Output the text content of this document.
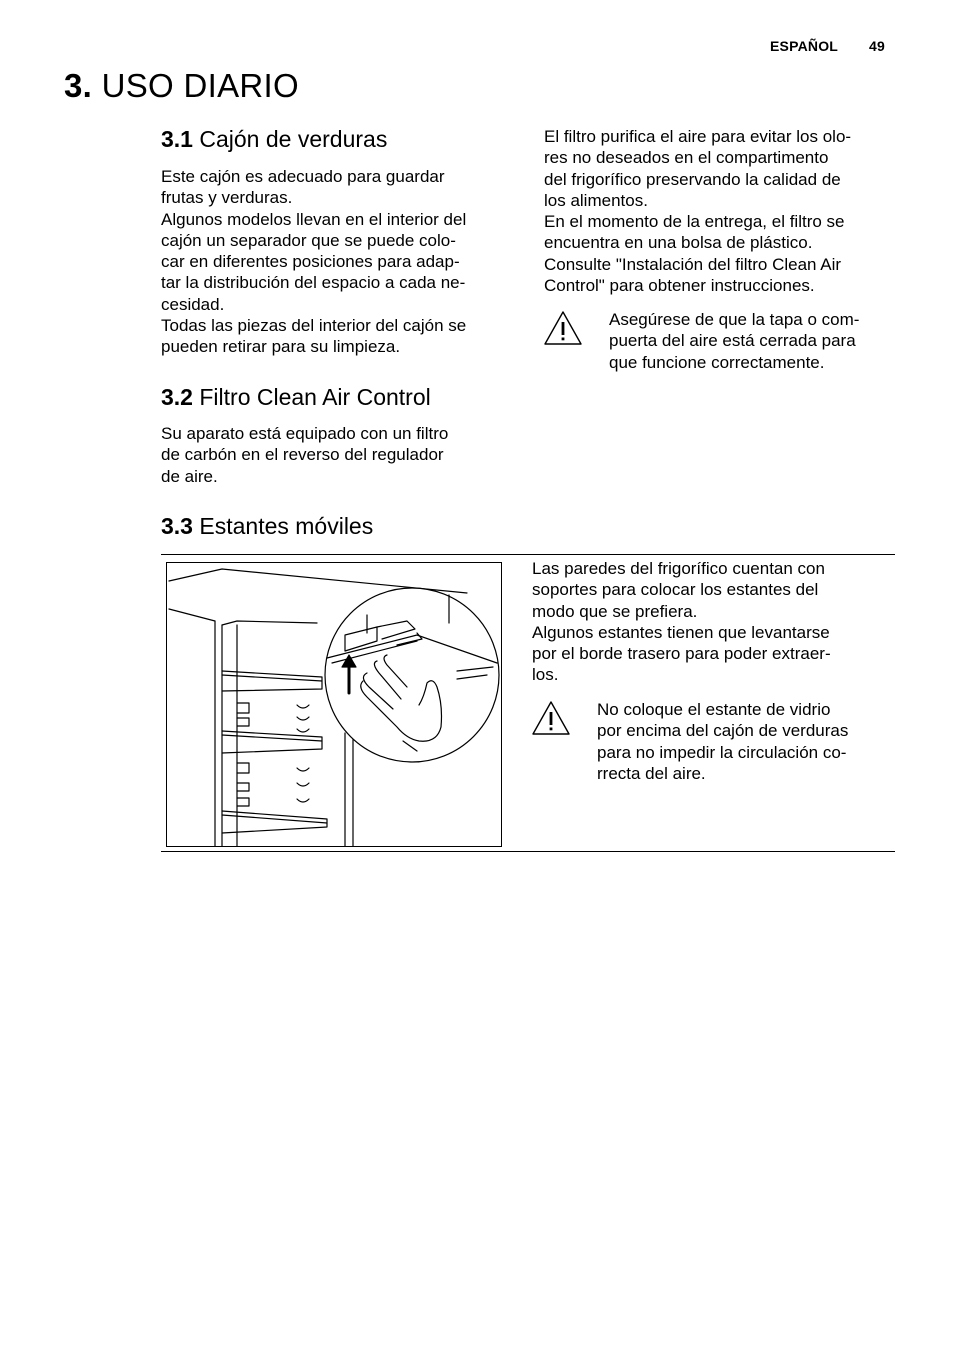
ESPAÑOL 49
3. USO DIARIO
3.1 Cajón de verduras

Este cajón es adecuado para guardar
frutas y verduras.
Algunos modelos llevan en el interior del
cajón un separador que se puede colo-
car en diferentes posiciones para adap-
tar la distribución del espacio a cada ne-
cesidad.
Todas las piezas del interior del cajón se
pueden retirar para su limpieza.

3.2 Filtro Clean Air Control

Su aparato está equipado con un filtro
de carbón en el reverso del regulador
de aire.

El filtro purifica el aire para evitar los olo-
res no deseados en el compartimento
del frigorífico preservando la calidad de
los alimentos.
En el momento de la entrega, el filtro se
encuentra en una bolsa de plástico.
Consulte "Instalación del filtro Clean Air
Control" para obtener instrucciones.

Asegúrese de que la tapa o com-
puerta del aire está cerrada para
que funcione correctamente.

3.3 Estantes móviles

Las paredes del frigorífico cuentan con
soportes para colocar los estantes del
modo que se prefiera.
Algunos estantes tienen que levantarse
por el borde trasero para poder extraer-
los.

No coloque el estante de vidrio
por encima del cajón de verduras
para no impedir la circulación co-
rrecta del aire.
